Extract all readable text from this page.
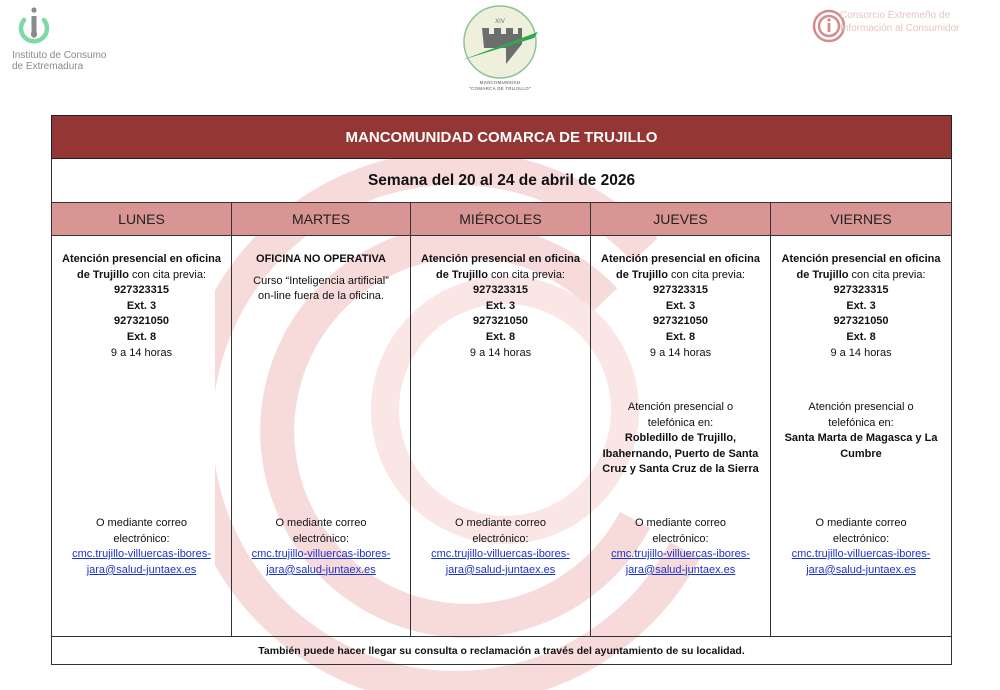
Instituto de Consumo
de Extremadura
XIV
MANCOMUNIDAD
"COMARCA DE TRUJILLO"
Consorcio Extremeño de
Información al Consumidor
MANCOMUNIDAD COMARCA DE TRUJILLO				
Semana del 20 al 24 de abril de 2026				
LUNES	MARTES	MIÉRCOLES	JUEVES	VIERNES

Atención presencial en oficina de Trujillo con cita previa:
927323315
Ext. 3
927321050
Ext. 8
9 a 14 horas
O mediante correo
electrónico:
cmc.trujillo-villuercas-ibores-
jara@salud-juntaex.es

OFICINA NO OPERATIVA
Curso “Inteligencia artificial”
on-line fuera de la oficina.
O mediante correo
electrónico:
cmc.trujillo-villuercas-ibores-
jara@salud-juntaex.es

Atención presencial en oficina de Trujillo con cita previa:
927323315
Ext. 3
927321050
Ext. 8
9 a 14 horas
O mediante correo
electrónico:
cmc.trujillo-villuercas-ibores-
jara@salud-juntaex.es

Atención presencial en oficina de Trujillo con cita previa:
927323315
Ext. 3
927321050
Ext. 8
9 a 14 horas
Atención presencial o
telefónica en:
Robledillo de Trujillo, Ibahernando, Puerto de Santa Cruz y Santa Cruz de la Sierra
O mediante correo
electrónico:
cmc.trujillo-villuercas-ibores-
jara@salud-juntaex.es

Atención presencial en oficina de Trujillo con cita previa:
927323315
Ext. 3
927321050
Ext. 8
9 a 14 horas
Atención presencial o
telefónica en:
Santa Marta de Magasca y La Cumbre
O mediante correo
electrónico:
cmc.trujillo-villuercas-ibores-
jara@salud-juntaex.es

También puede hacer llegar su consulta o reclamación a través del ayuntamiento de su localidad.				
